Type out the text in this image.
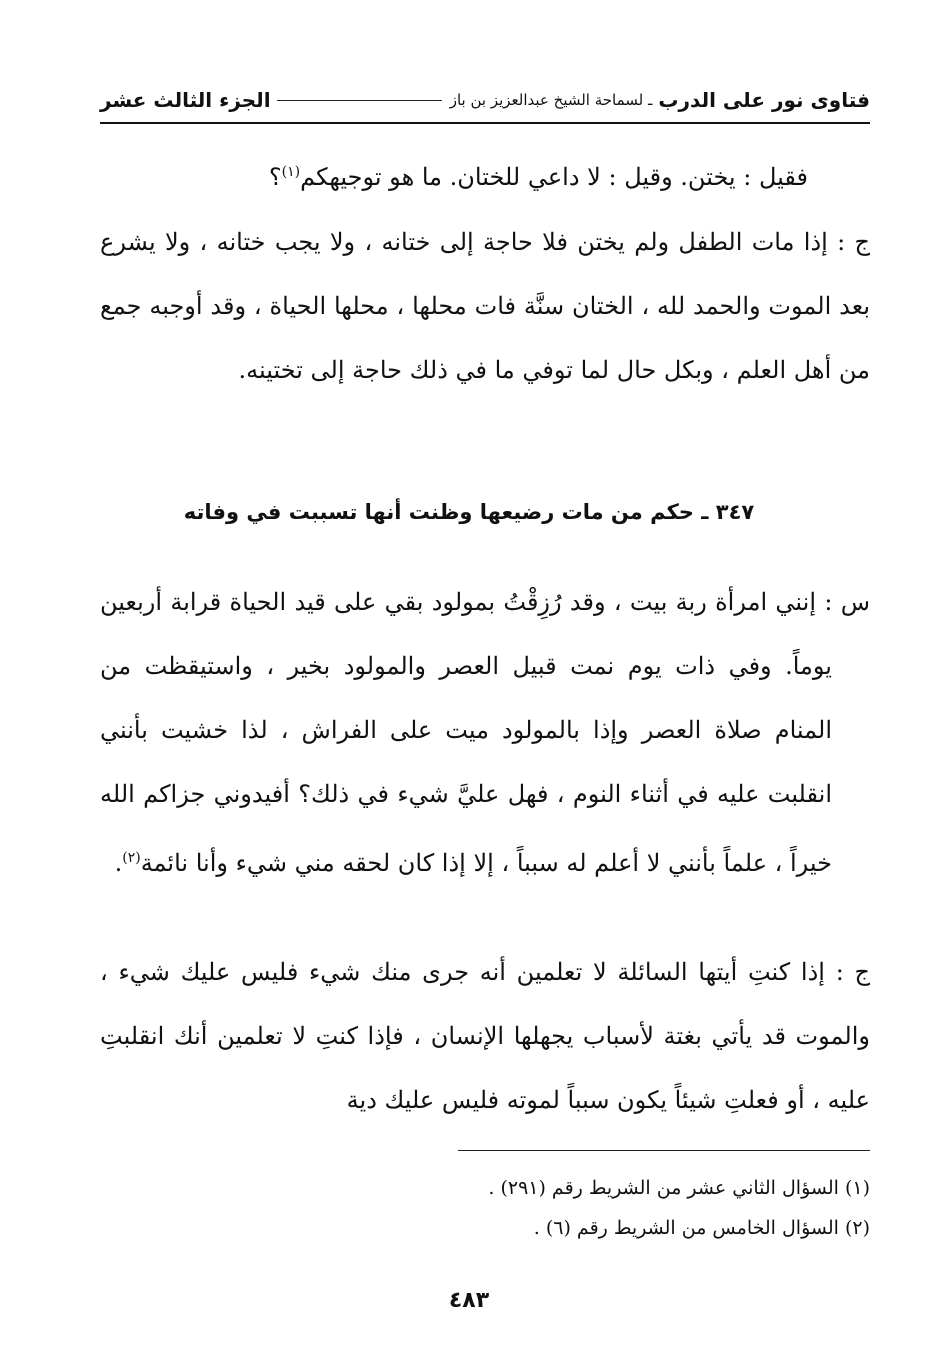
فتاوى نور على الدرب
ـ لسماحة الشيخ عبدالعزيز بن باز
الجزء الثالث عشر
فقيل : يختن. وقيل : لا داعي للختان. ما هو توجيهكم$^{(١)}$؟
ج : إذا مات الطفل ولم يختن فلا حاجة إلى ختانه ، ولا يجب ختانه ، ولا يشرع بعد الموت والحمد لله ، الختان سنَّة فات محلها ، محلها الحياة ، وقد أوجبه جمع من أهل العلم ، وبكل حال لما توفي ما في ذلك حاجة إلى تختينه.
٣٤٧ ـ حكم من مات رضيعها وظنت أنها تسببت في وفاته
س : إنني امرأة ربة بيت ، وقد رُزِقْتُ بمولود بقي على قيد الحياة قرابة أربعين يوماً. وفي ذات يوم نمت قبيل العصر والمولود بخير ، واستيقظت من المنام صلاة العصر وإذا بالمولود ميت على الفراش ، لذا خشيت بأنني انقلبت عليه في أثناء النوم ، فهل عليَّ شيء في ذلك؟ أفيدوني جزاكم الله خيراً ، علماً بأنني لا أعلم له سبباً ، إلا إذا كان لحقه مني شيء وأنا نائمة$^{(٢)}$.
ج : إذا كنتِ أيتها السائلة لا تعلمين أنه جرى منك شيء فليس عليك شيء ، والموت قد يأتي بغتة لأسباب يجهلها الإنسان ، فإذا كنتِ لا تعلمين أنك انقلبتِ عليه ، أو فعلتِ شيئاً يكون سبباً لموته فليس عليك دية
(١) السؤال الثاني عشر من الشريط رقم (٢٩١) .
(٢) السؤال الخامس من الشريط رقم (٦) .
٤٨٣
